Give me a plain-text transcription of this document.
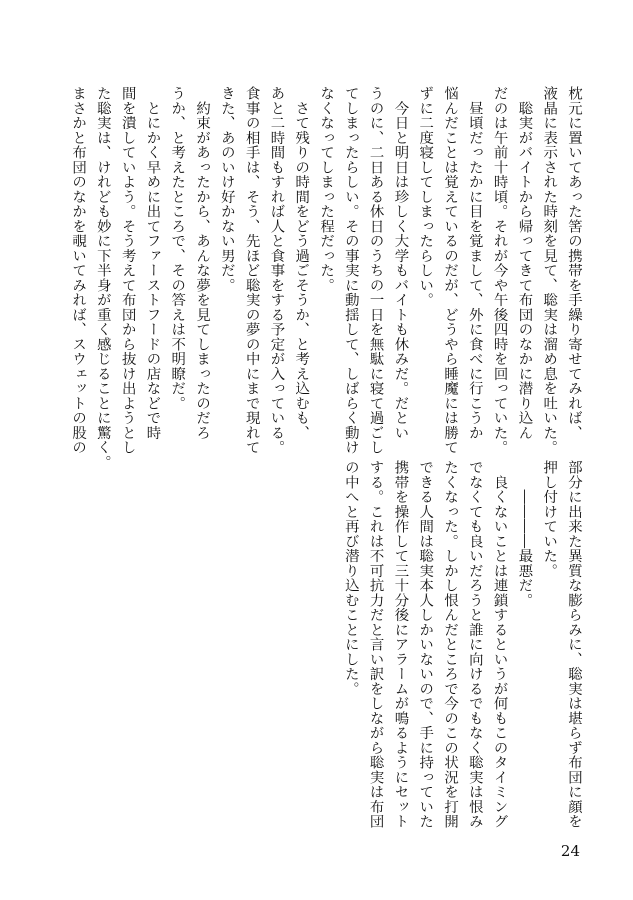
枕元に置いてあった筈の携帯を手繰り寄せてみれば、

液晶に表示された時刻を見て、聡実は溜め息を吐いた。

　聡実がバイトから帰ってきて布団のなかに潜り込ん

だのは午前十時頃。それが今や午後四時を回っていた。

　昼頃だったかに目を覚まして、外に食べに行こうか

悩んだことは覚えているのだが、どうやら睡魔には勝て

ずに二度寝してしまったらしい。

　今日と明日は珍しく大学もバイトも休みだ。だとい

うのに、二日ある休日のうちの一日を無駄に寝て過ごし

てしまったらしい。その事実に動揺して、しばらく動け

なくなってしまった程だった。

　さて残りの時間をどう過ごそうか、と考え込むも、

あと二時間もすれば人と食事をする予定が入っている。

食事の相手は、そう、先ほど聡実の夢の中にまで現れて

きた、あのいけ好かない男だ。

　約束があったから、あんな夢を見てしまったのだろ

うか、と考えたところで、その答えは不明瞭だ。

　とにかく早めに出てファーストフードの店などで時

間を潰していよう。そう考えて布団から抜け出ようとし

た聡実は、けれども妙に下半身が重く感じることに驚く。

まさかと布団のなかを覗いてみれば、スウェットの股の

部分に出来た異質な膨らみに、聡実は堪らず布団に顔を

押し付けていた。

　　――――最悪だ。

　良くないことは連鎖するというが何もこのタイミング

でなくても良いだろうと誰に向けるでもなく聡実は恨み

たくなった。しかし恨んだところで今のこの状況を打開

できる人間は聡実本人しかいないので、手に持っていた

携帯を操作して三十分後にアラームが鳴るようにセット

する。これは不可抗力だと言い訳をしながら聡実は布団

の中へと再び潜り込むことにした。

24
